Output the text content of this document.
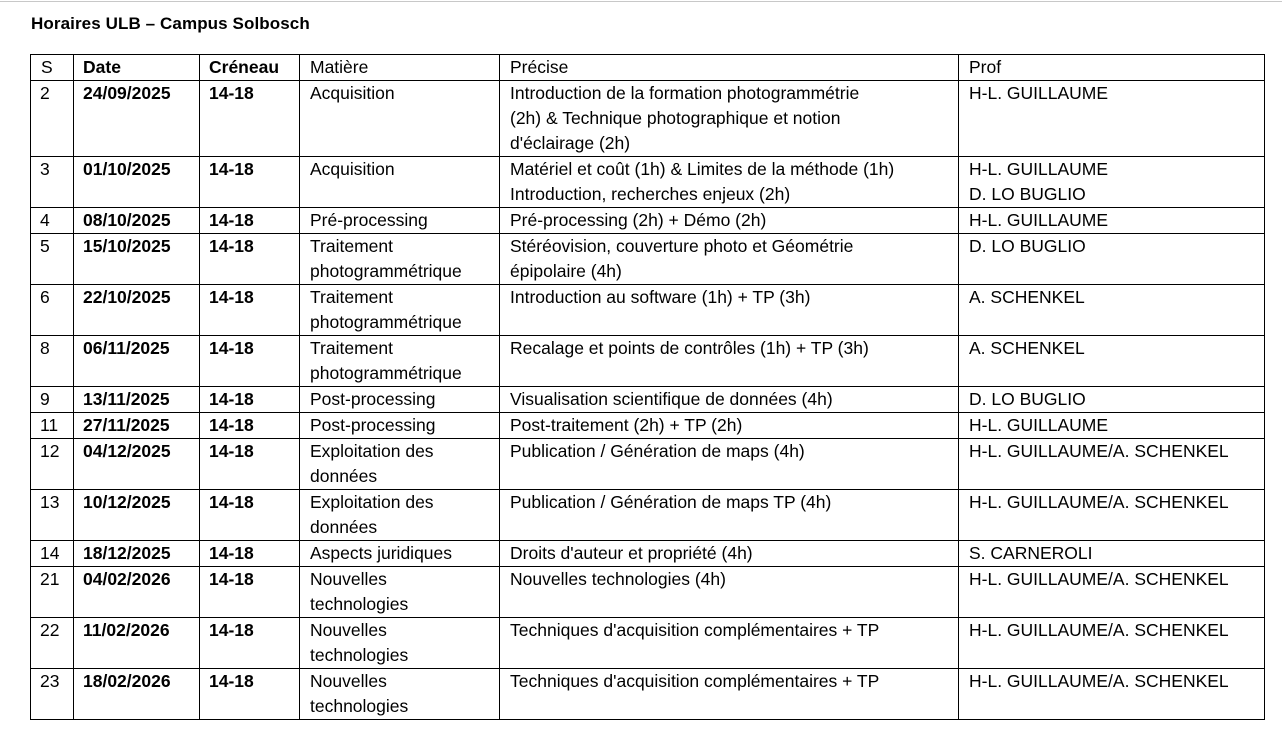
Horaires ULB – Campus Solbosch
S	Date	Créneau	Matière	Précise	Prof
2	24/09/2025	14-18	Acquisition	Introduction de la formation photogrammétrie
(2h) & Technique photographique et notion
d'éclairage (2h)	H-L. GUILLAUME

3	01/10/2025	14-18	Acquisition	Matériel et coût (1h) & Limites de la méthode (1h)
Introduction, recherches enjeux (2h)	H-L. GUILLAUME
D. LO BUGLIO

4	08/10/2025	14-18	Pré-processing	Pré-processing (2h) + Démo (2h)	H-L. GUILLAUME

5	15/10/2025	14-18	Traitement
photogrammétrique	Stéréovision, couverture photo et Géométrie
épipolaire (4h)	D. LO BUGLIO

6	22/10/2025	14-18	Traitement
photogrammétrique	Introduction au software (1h) + TP (3h)	A. SCHENKEL

8	06/11/2025	14-18	Traitement
photogrammétrique	Recalage et points de contrôles (1h) + TP (3h)	A. SCHENKEL

9	13/11/2025	14-18	Post-processing	Visualisation scientifique de données (4h)	D. LO BUGLIO

11	27/11/2025	14-18	Post-processing	Post-traitement (2h) + TP (2h)	H-L. GUILLAUME

12	04/12/2025	14-18	Exploitation des
données	Publication / Génération de maps (4h)	H-L. GUILLAUME/A. SCHENKEL

13	10/12/2025	14-18	Exploitation des
données	Publication / Génération de maps TP (4h)	H-L. GUILLAUME/A. SCHENKEL

14	18/12/2025	14-18	Aspects juridiques	Droits d'auteur et propriété (4h)	S. CARNEROLI

21	04/02/2026	14-18	Nouvelles
technologies	Nouvelles technologies (4h)	H-L. GUILLAUME/A. SCHENKEL

22	11/02/2026	14-18	Nouvelles
technologies	Techniques d'acquisition complémentaires + TP	H-L. GUILLAUME/A. SCHENKEL

23	18/02/2026	14-18	Nouvelles
technologies	Techniques d'acquisition complémentaires + TP	H-L. GUILLAUME/A. SCHENKEL
